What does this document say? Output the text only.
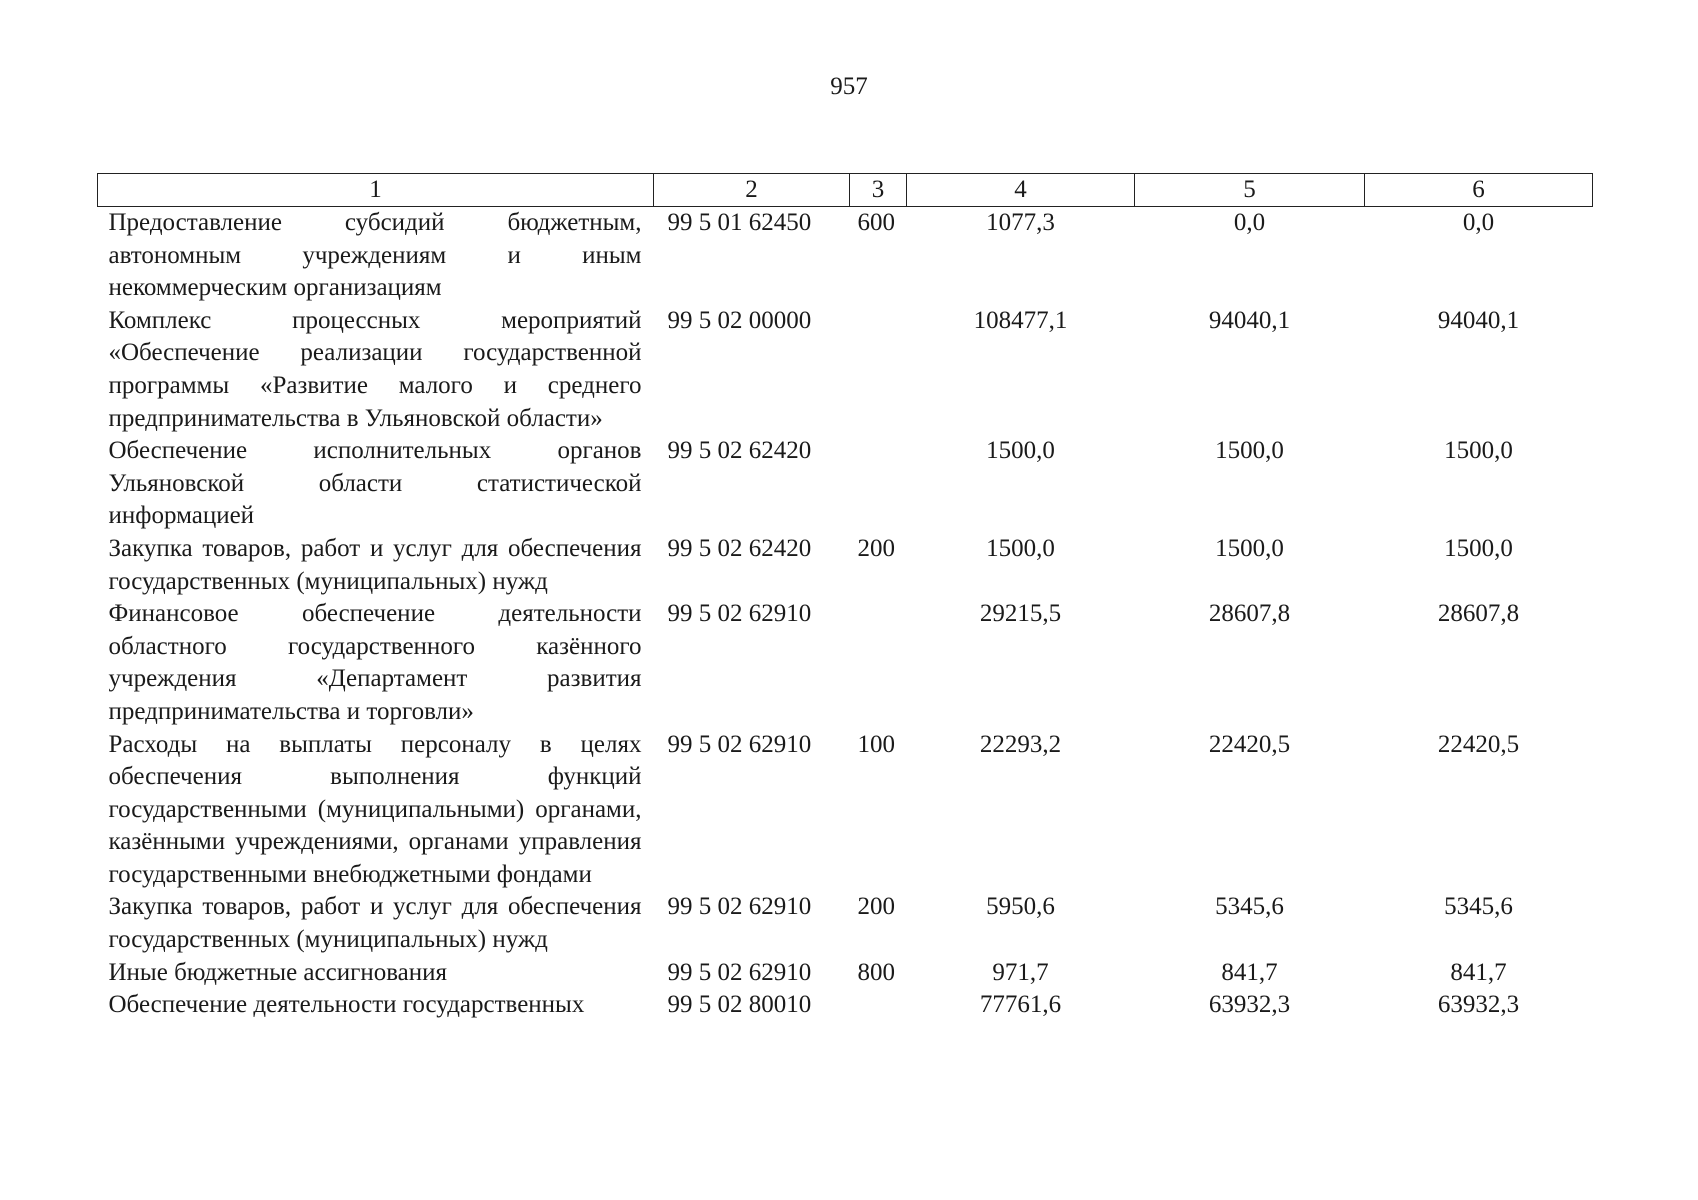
957
1	2	3	4	5	6
Предоставление субсидий бюджетным, автономным учреждениям и иным некоммерческим организациям	99 5 01 62450	600	1077,3	0,0	0,0
Комплекс процессных мероприятий «Обеспечение реализации государственной программы «Развитие малого и среднего предпринимательства в Ульяновской области»	99 5 02 00000		108477,1	94040,1	94040,1
Обеспечение исполнительных органов Ульяновской области статистической информацией	99 5 02 62420		1500,0	1500,0	1500,0
Закупка товаров, работ и услуг для обеспечения государственных (муниципальных) нужд	99 5 02 62420	200	1500,0	1500,0	1500,0
Финансовое обеспечение деятельности областного государственного казённого учреждения «Департамент развития предпринимательства и торговли»	99 5 02 62910		29215,5	28607,8	28607,8
Расходы на выплаты персоналу в целях обеспечения выполнения функций государственными (муниципальными) органами, казёнными учреждениями, органами управления государственными внебюджетными фондами	99 5 02 62910	100	22293,2	22420,5	22420,5
Закупка товаров, работ и услуг для обеспечения государственных (муниципальных) нужд	99 5 02 62910	200	5950,6	5345,6	5345,6
Иные бюджетные ассигнования	99 5 02 62910	800	971,7	841,7	841,7
Обеспечение деятельности государственных	99 5 02 80010		77761,6	63932,3	63932,3
